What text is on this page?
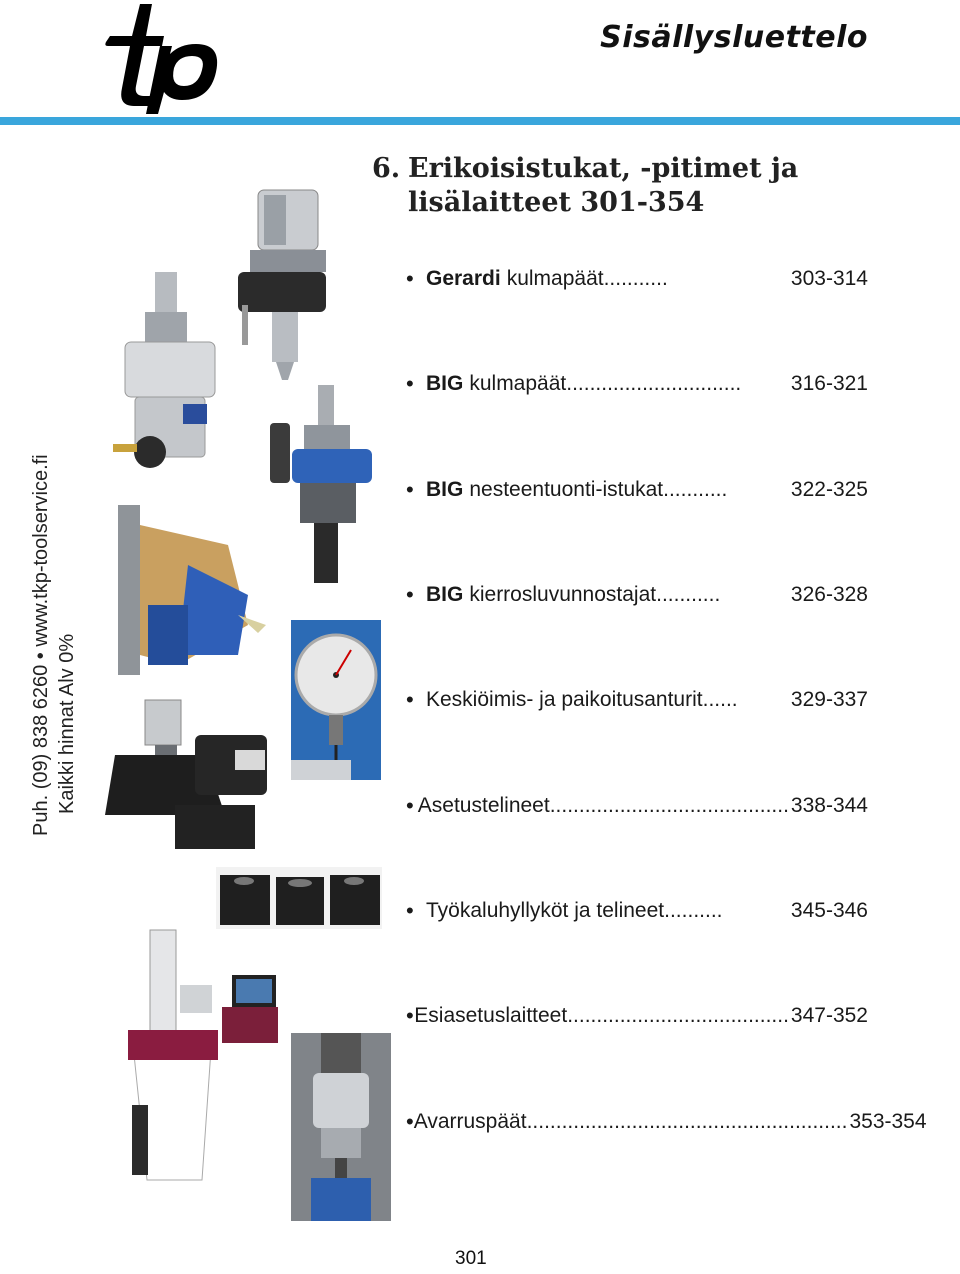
Sisällysluettelo
6. Erikoisistukat, -pitimet ja
lisälaitteet 301-354
Puh. (09) 838 6260 • www.tkp-toolservice.fi Kaikki hinnat Alv 0%
• Gerardi kulmapäät ...........	303-314
• BIG kulmapäät ..............................	316-321
• BIG nesteentuonti-istukat ...........	322-325
• BIG kierrosluvunnostajat ...........	326-328
• Keskiöimis- ja paikoitusanturit ......	329-337
• Asetustelineet ......................................... 338-344
• Työkaluhyllyköt ja telineet ..........	345-346
• Esiasetuslaitteet ...................................... 347-352
• Avarruspäät ....................................................... 353-354
301
